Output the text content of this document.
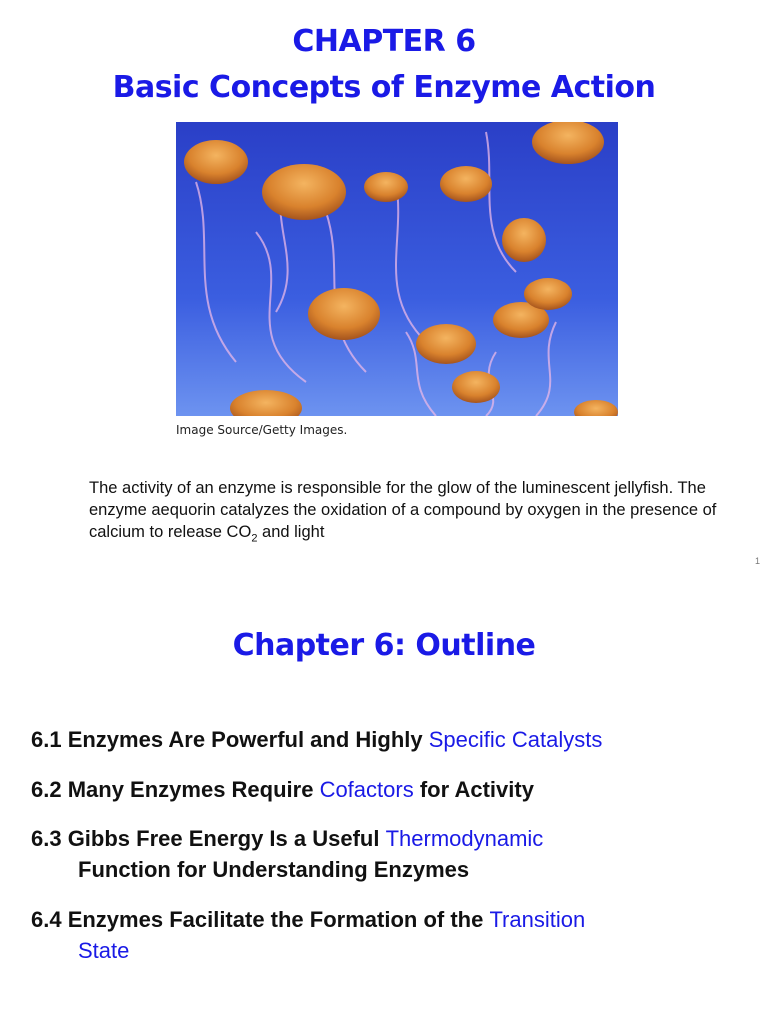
CHAPTER 6
Basic Concepts of Enzyme Action
Image Source/Getty Images.
The activity of an enzyme is responsible for the glow of the luminescent jellyfish. The enzyme aequorin catalyzes the oxidation of a compound by oxygen in the presence of calcium to release $CO_2$ and light
1
Chapter 6: Outline
6.1 Enzymes Are Powerful and Highly Specific Catalysts
6.2 Many Enzymes Require Cofactors for Activity
6.3 Gibbs Free Energy Is a Useful Thermodynamic
Function for Understanding Enzymes
6.4 Enzymes Facilitate the Formation of the Transition
State
